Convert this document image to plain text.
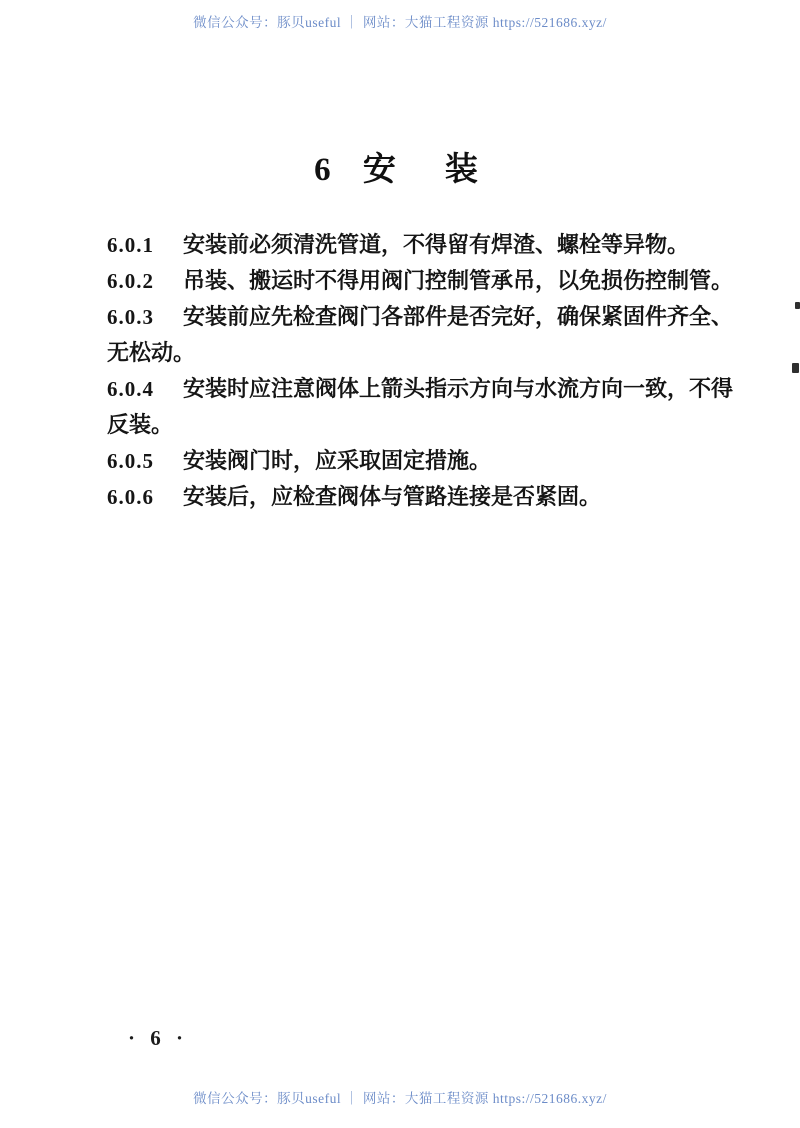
微信公众号：豚贝useful ｜ 网站：大猫工程资源 https://521686.xyz/
6 安　装

6.0.1 安装前必须清洗管道，不得留有焊渣、螺栓等异物。

6.0.2 吊装、搬运时不得用阀门控制管承吊，以免损伤控制管。

6.0.3 安装前应先检查阀门各部件是否完好，确保紧固件齐全、
无松动。

6.0.4 安装时应注意阀体上箭头指示方向与水流方向一致，不得
反装。

6.0.5 安装阀门时，应采取固定措施。

6.0.6 安装后，应检查阀体与管路连接是否紧固。

· 6 ·
微信公众号：豚贝useful ｜ 网站：大猫工程资源 https://521686.xyz/
